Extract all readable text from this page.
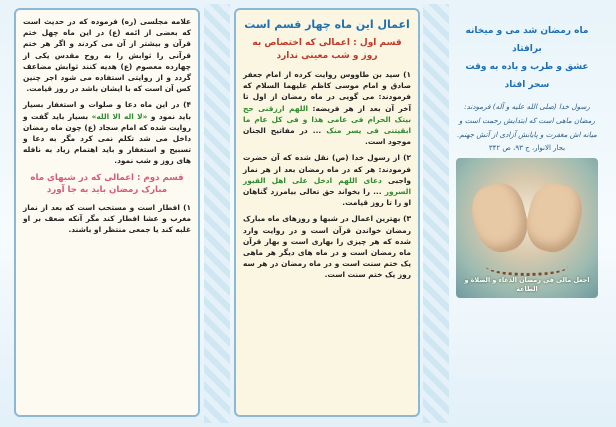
علامه مجلسی (ره) فرموده که در حدیث است که بعضی از ائمه (ع) در این ماه چهل ختم قرآن و بیشتر از آن می کردند و اگر هر ختم قرآنی را ثوابش را به روح مقدس یکی از چهارده معصوم (ع) هدیه کنند ثوابش مضاعف گردد و از روایتی استفاده می شود اجر چنین کس آن است که با ایشان باشد در روز قیامت.

۴) در این ماه دعا و صلوات و استغفار بسیار باید نمود و «لا اله الا الله» بسیار باید گفت و روایت شده که امام سجاد (ع) چون ماه رمضان داخل می شد تکلم نمی کرد مگر به دعا و تسبیح و استغفار و باید اهتمام زیاد به نافله های روز و شب نمود.

قسم دوم : اعمالی که در شبهای ماه مبارک رمضان باید به جا آورد

۱) افطار است و مستحب است که بعد از نماز مغرب و عشا افطار کند مگر آنکه ضعف بر او غلبه کند یا جمعی منتظر او باشند.

اعمال این ماه چهار قسم است
قسم اول : اعمالی که اختصاص به روز و شب معینی ندارد

۱) سید بن طاووس روایت کرده از امام جعفر صادق و امام موسی کاظم علیهما السلام که فرمودند: می گویی در ماه رمضان از اول تا آخر آن بعد از هر فریضه: اللهم ارزقنی حج بیتک الحرام فی عامی هذا و فی کل عام ما ابقیتنی فی یسر منک ... در مفاتیح الجنان موجود است.

۲) از رسول خدا (ص) نقل شده که آن حضرت فرمودند: هر که در ماه رمضان بعد از هر نماز واجبی دعای اللهم ادخل علی اهل القبور السرور ... را بخواند حق تعالی بیامرزد گناهان او را تا روز قیامت.

۳) بهترین اعمال در شبها و روزهای ماه مبارک رمضان خواندن قرآن است و در روایت وارد شده که هر چیزی را بهاری است و بهار قرآن ماه رمضان است و در ماه های دیگر هر ماهی یک ختم سنت است و در ماه رمضان در هر سه روز یک ختم سنت است.

ماه رمضان شد می و میخانه برافتاد
عشق و طرب و باده به وقت سحر افتاد
رسول خدا (صلی الله علیه و آله) فرمودند: رمضان ماهی است که ابتدایش رحمت است و میانه اش مغفرت و پایانش آزادی از آتش جهنم.
بحار الانوار، ج ۹۳، ص ۳۴۲
اجعل مالی فی رمضان الدعاء و الصلاة و الطاعة
